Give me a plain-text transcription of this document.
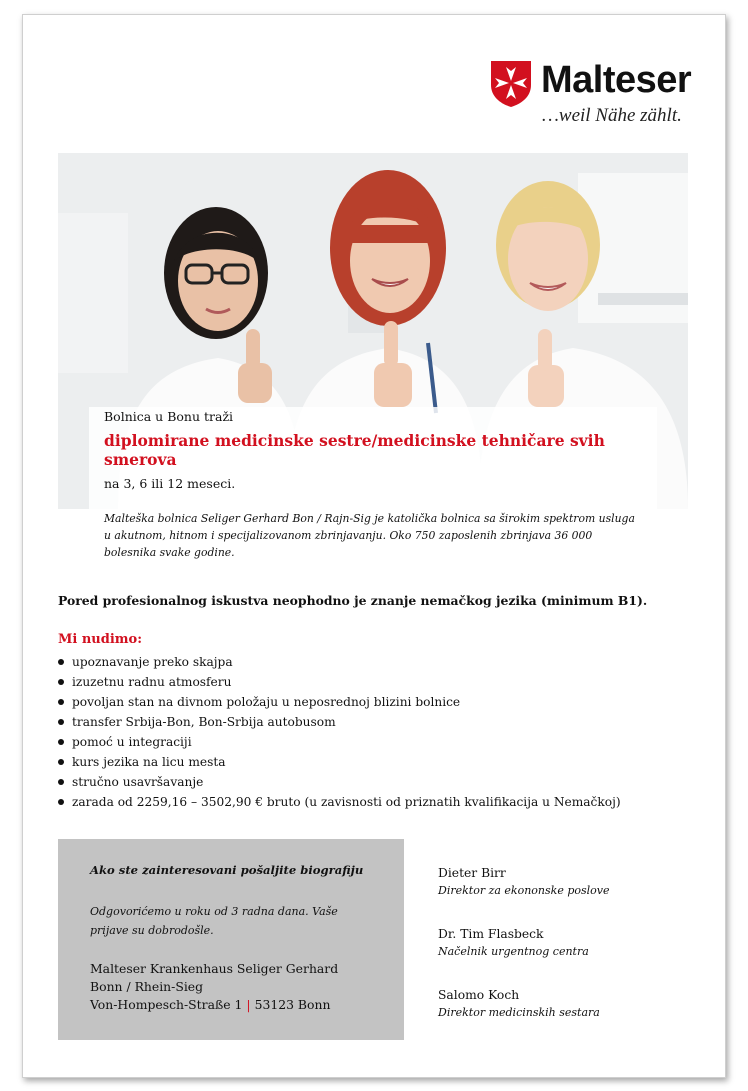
Malteser
…weil Nähe zählt.
Bolnica u Bonu traži
diplomirane medicinske sestre/medicinske tehničare svih smerova
na 3, 6 ili 12 meseci.
Malteška bolnica Seliger Gerhard Bon / Rajn-Sig je katolička bolnica sa širokim spektrom usluga u akutnom, hitnom i specijalizovanom zbrinjavanju. Oko 750 zaposlenih zbrinjava 36 000 bolesnika svake godine.
Pored profesionalnog iskustva neophodno je znanje nemačkog jezika (minimum B1).
Mi nudimo:
upoznavanje preko skajpa
izuzetnu radnu atmosferu
povoljan stan na divnom položaju u neposrednoj blizini bolnice
transfer Srbija-Bon, Bon-Srbija autobusom
pomoć u integraciji
kurs jezika na licu mesta
stručno usavršavanje
zarada od 2259,16 – 3502,90 € bruto (u zavisnosti od priznatih kvalifikacija u Nemačkoj)
Ako ste zainteresovani pošaljite biografiju
Odgovorićemo u roku od 3 radna dana. Vaše prijave su dobrodošle.
Malteser Krankenhaus Seliger Gerhard
Bonn / Rhein-Sieg
Von-Hompesch-Straße 1 | 53123 Bonn
Dieter Birr
Direktor za ekononske poslove
Dr. Tim Flasbeck
Načelnik urgentnog centra
Salomo Koch
Direktor medicinskih sestara
